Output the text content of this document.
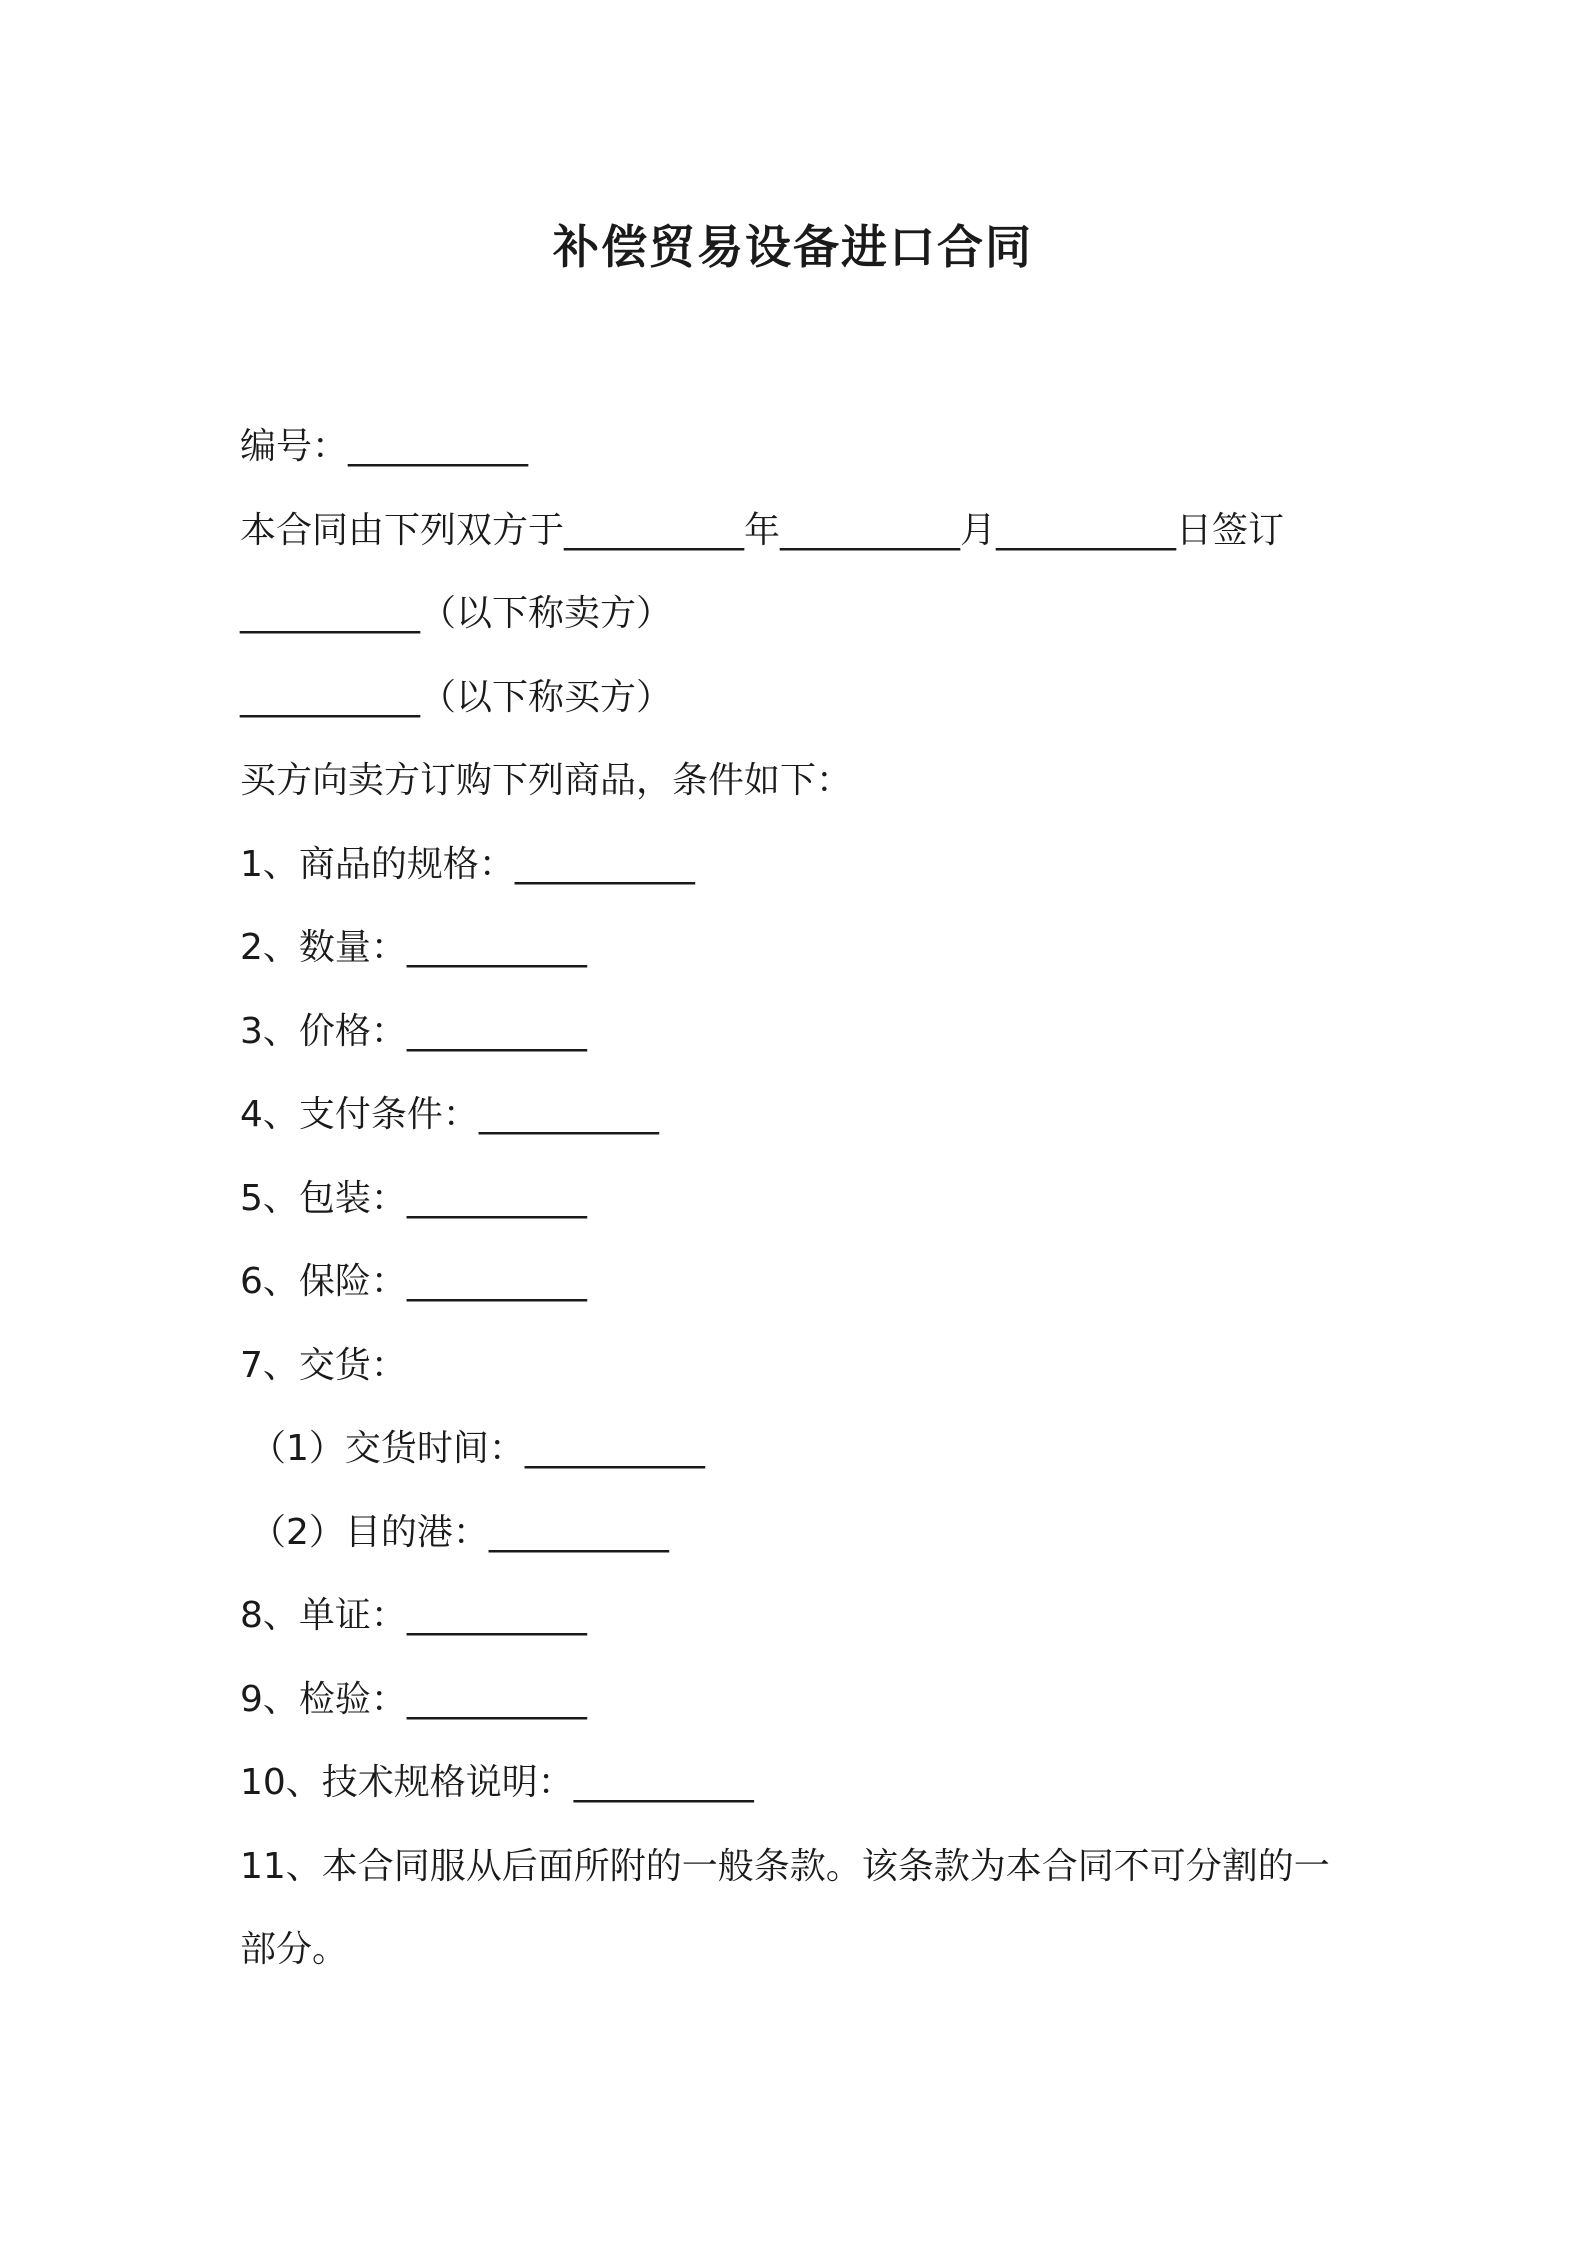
补偿贸易设备进口合同

编号：__________

本合同由下列双方于__________年__________月__________日签订

__________（以下称卖方）

__________（以下称买方）

买方向卖方订购下列商品，条件如下：

1、商品的规格：__________

2、数量：__________

3、价格：__________

4、支付条件：__________

5、包装：__________

6、保险：__________

7、交货：

（1）交货时间：__________

（2）目的港：__________

8、单证：__________

9、检验：__________

10、技术规格说明：__________

11、本合同服从后面所附的一般条款。该条款为本合同不可分割的一部分。
